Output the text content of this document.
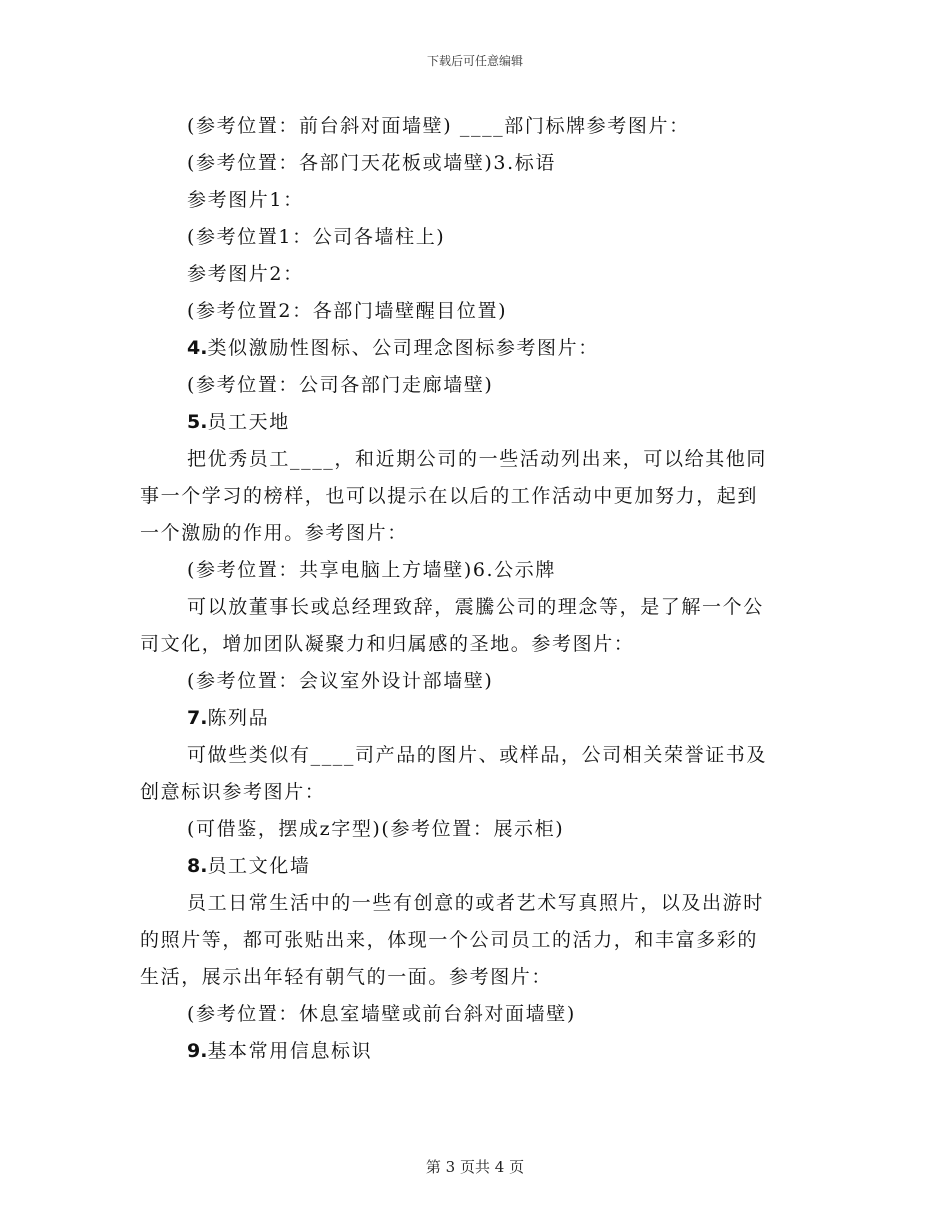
下载后可任意编辑
(参考位置：前台斜对面墙壁) ____部门标牌参考图片：
(参考位置：各部门天花板或墙壁)3.标语
参考图片1：
(参考位置1：公司各墙柱上)
参考图片2：
(参考位置2：各部门墙壁醒目位置)
4.类似激励性图标、公司理念图标参考图片：
(参考位置：公司各部门走廊墙壁)
5.员工天地
把优秀员工____，和近期公司的一些活动列出来，可以给其他同
事一个学习的榜样，也可以提示在以后的工作活动中更加努力，起到
一个激励的作用。参考图片：
(参考位置：共享电脑上方墙壁)6.公示牌
可以放董事长或总经理致辞，震騰公司的理念等，是了解一个公
司文化，增加团队凝聚力和归属感的圣地。参考图片：
(参考位置：会议室外设计部墙壁)
7.陈列品
可做些类似有____司产品的图片、或样品，公司相关荣誉证书及
创意标识参考图片：
(可借鉴，摆成z字型)(参考位置：展示柜)
8.员工文化墙
员工日常生活中的一些有创意的或者艺术写真照片，以及出游时
的照片等，都可张贴出来，体现一个公司员工的活力，和丰富多彩的
生活，展示出年轻有朝气的一面。参考图片：
(参考位置：休息室墙壁或前台斜对面墙壁)
9.基本常用信息标识
第 3 页共 4 页
